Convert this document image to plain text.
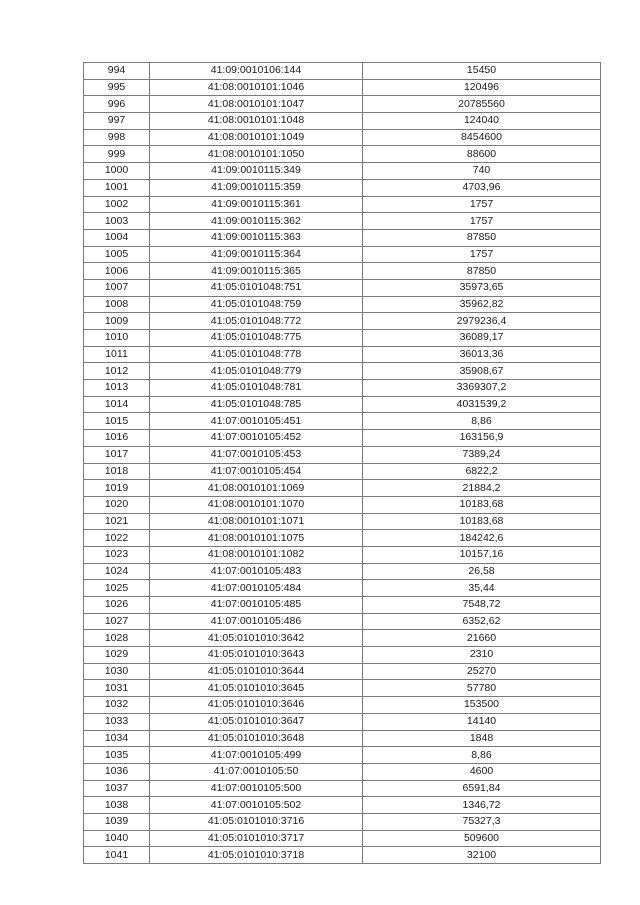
994	41:09:0010106:144	15450
995	41:08:0010101:1046	120496
996	41:08:0010101:1047	20785560
997	41:08:0010101:1048	124040
998	41:08:0010101:1049	8454600
999	41:08:0010101:1050	88600
1000	41:09:0010115:349	740
1001	41:09:0010115:359	4703,96
1002	41:09:0010115:361	1757
1003	41:09:0010115:362	1757
1004	41:09:0010115:363	87850
1005	41:09:0010115:364	1757
1006	41:09:0010115:365	87850
1007	41:05:0101048:751	35973,65
1008	41:05:0101048:759	35962,82
1009	41:05:0101048:772	2979236,4
1010	41:05:0101048:775	36089,17
1011	41:05:0101048:778	36013,36
1012	41:05:0101048:779	35908,67
1013	41:05:0101048:781	3369307,2
1014	41:05:0101048:785	4031539,2
1015	41:07:0010105:451	8,86
1016	41:07:0010105:452	163156,9
1017	41:07:0010105:453	7389,24
1018	41:07:0010105:454	6822,2
1019	41:08:0010101:1069	21884,2
1020	41:08:0010101:1070	10183,68
1021	41:08:0010101:1071	10183,68
1022	41:08:0010101:1075	184242,6
1023	41:08:0010101:1082	10157,16
1024	41:07:0010105:483	26,58
1025	41:07:0010105:484	35,44
1026	41:07:0010105:485	7548,72
1027	41:07:0010105:486	6352,62
1028	41:05:0101010:3642	21660
1029	41:05:0101010:3643	2310
1030	41:05:0101010:3644	25270
1031	41:05:0101010:3645	57780
1032	41:05:0101010:3646	153500
1033	41:05:0101010:3647	14140
1034	41:05:0101010:3648	1848
1035	41:07:0010105:499	8,86
1036	41:07:0010105:50	4600
1037	41:07:0010105:500	6591,84
1038	41:07:0010105:502	1346,72
1039	41:05:0101010:3716	75327,3
1040	41:05:0101010:3717	509600
1041	41:05:0101010:3718	32100
